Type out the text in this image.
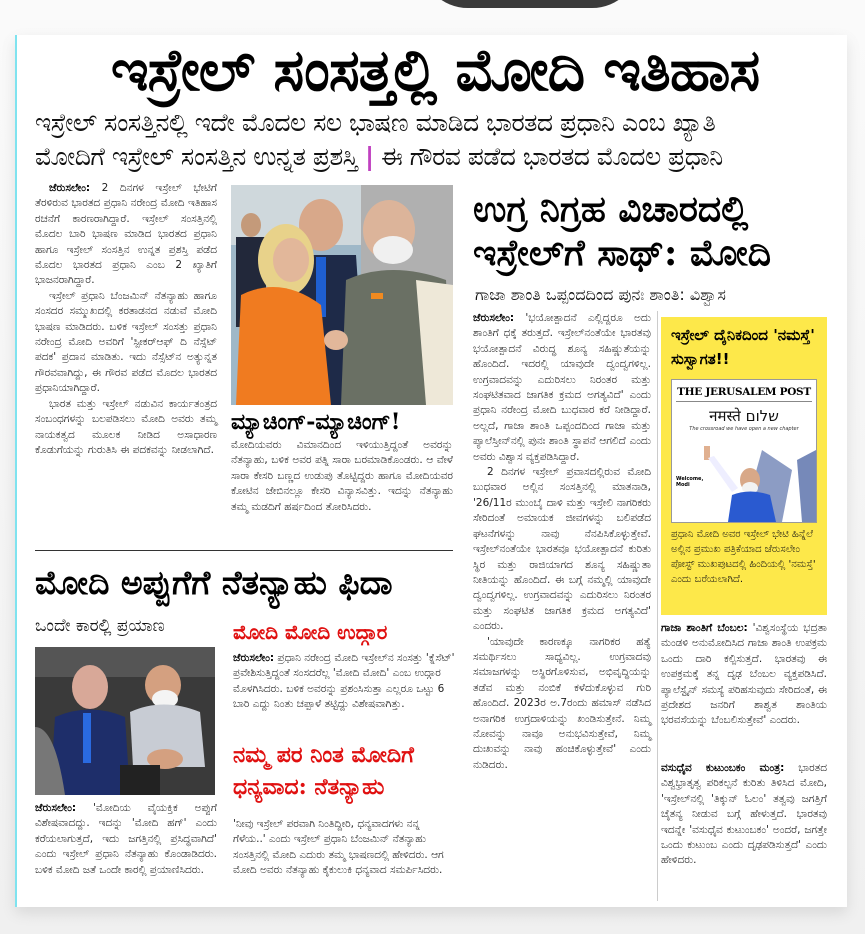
ಇಸ್ರೇಲ್ ಸಂಸತ್ತಲ್ಲಿ ಮೋದಿ ಇತಿಹಾಸ
ಇಸ್ರೇಲ್ ಸಂಸತ್ತಿನಲ್ಲಿ ಇದೇ ಮೊದಲ ಸಲ ಭಾಷಣ ಮಾಡಿದ ಭಾರತದ ಪ್ರಧಾನಿ ಎಂಬ ಖ್ಯಾತಿ
ಮೋದಿಗೆ ಇಸ್ರೇಲ್ ಸಂಸತ್ತಿನ ಉನ್ನತ ಪ್ರಶಸ್ತಿ | ಈ ಗೌರವ ಪಡೆದ ಭಾರತದ ಮೊದಲ ಪ್ರಧಾನಿ
ಜೆರುಸಲೇಂ: 2 ದಿನಗಳ ಇಸ್ರೇಲ್ ಭೇಟಿಗೆ ತೆರಳಿರುವ ಭಾರತದ ಪ್ರಧಾನಿ ನರೇಂದ್ರ ಮೋದಿ ಇತಿಹಾಸ ರಚನೆಗೆ ಕಾರಣರಾಗಿದ್ದಾರೆ. ಇಸ್ರೇಲ್ ಸಂಸತ್ತಿನಲ್ಲಿ ಮೊದಲ ಬಾರಿ ಭಾಷಣ ಮಾಡಿದ ಭಾರತದ ಪ್ರಧಾನಿ ಹಾಗೂ ಇಸ್ರೇಲ್ ಸಂಸತ್ತಿನ ಉನ್ನತ ಪ್ರಶಸ್ತಿ ಪಡೆದ ಮೊದಲ ಭಾರತದ ಪ್ರಧಾನಿ ಎಂಬ 2 ಖ್ಯಾತಿಗೆ ಭಾಜನರಾಗಿದ್ದಾರೆ.
ಇಸ್ರೇಲ್ ಪ್ರಧಾನಿ ಬೆಂಜಮಿನ್ ನೆತನ್ಯಾಹು ಹಾಗೂ ಸಂಸದರ ಸಮ್ಮುಖದಲ್ಲಿ ಕರತಾಡನದ ನಡುವೆ ಮೋದಿ ಭಾಷಣ ಮಾಡಿದರು. ಬಳಿಕ ಇಸ್ರೇಲ್ ಸಂಸತ್ತು ಪ್ರಧಾನಿ ನರೇಂದ್ರ ಮೋದಿ ಅವರಿಗೆ 'ಸ್ಪೀಕರ್‌ಆಫ್ ದಿ ನೆಸ್ಸೆಟ್ ಪದಕ' ಪ್ರದಾನ ಮಾಡಿತು. ಇದು ನೆಸ್ಸೆಟ್‌ನ ಅತ್ಯುನ್ನತ ಗೌರವವಾಗಿದ್ದು, ಈ ಗೌರವ ಪಡೆದ ಮೊದಲ ಭಾರತದ ಪ್ರಧಾನಿಯಾಗಿದ್ದಾರೆ.
ಭಾರತ ಮತ್ತು ಇಸ್ರೇಲ್ ನಡುವಿನ ಕಾರ್ಯತಂತ್ರದ ಸಂಬಂಧಗಳನ್ನು ಬಲಪಡಿಸಲು ಮೋದಿ ಅವರು ತಮ್ಮ ನಾಯಕತ್ವದ ಮೂಲಕ ನೀಡಿದ ಅಸಾಧಾರಣ ಕೊಡುಗೆಯನ್ನು ಗುರುತಿಸಿ ಈ ಪದಕವನ್ನು ನೀಡಲಾಗಿದೆ.
ಮ್ಯಾಚಿಂಗ್-ಮ್ಯಾಚಿಂಗ್!
ಮೋದಿಯವರು ವಿಮಾನದಿಂದ ಇಳಿಯುತ್ತಿದ್ದಂತೆ ಅವರನ್ನು ನೆತನ್ಯಾಹು, ಬಳಿಕ ಅವರ ಪತ್ನಿ ಸಾರಾ ಬರಮಾಡಿಕೊಂಡರು. ಆ ವೇಳೆ ಸಾರಾ ಕೇಸರಿ ಬಣ್ಣದ ಉಡುಪು ತೊಟ್ಟಿದ್ದರು ಹಾಗೂ ಮೋದಿಯವರ ಕೋಟಿನ ಜೇಬಿನಲ್ಲೂ ಕೇಸರಿ ವಿನ್ಯಾಸವಿತ್ತು. ಇದನ್ನು ನೆತನ್ಯಾಹು ತಮ್ಮ ಮಡದಿಗೆ ಹರ್ಷದಿಂದ ತೋರಿಸಿದರು.
ಉಗ್ರ ನಿಗ್ರಹ ವಿಚಾರದಲ್ಲಿ ಇಸ್ರೇಲ್‌ಗೆ ಸಾಥ್: ಮೋದಿ
ಗಾಜಾ ಶಾಂತಿ ಒಪ್ಪಂದದಿಂದ ಪುನಃ ಶಾಂತಿ: ವಿಶ್ವಾಸ
ಜೆರುಸಲೇಂ: 'ಭಯೋತ್ಪಾದನೆ ಎಲ್ಲಿದ್ದರೂ ಅದು ಶಾಂತಿಗೆ ಧಕ್ಕೆ ತರುತ್ತದೆ. ಇಸ್ರೇಲ್‌ನಂತೆಯೇ ಭಾರತವು ಭಯೋತ್ಪಾದನೆ ವಿರುದ್ಧ ಶೂನ್ಯ ಸಹಿಷ್ಣುತೆಯನ್ನು ಹೊಂದಿದೆ. ಇದರಲ್ಲಿ ಯಾವುದೇ ದ್ವಂದ್ವಗಳಿಲ್ಲ. ಉಗ್ರವಾದವನ್ನು ಎದುರಿಸಲು ನಿರಂತರ ಮತ್ತು ಸಂಘಟಿತವಾದ ಜಾಗತಿಕ ಕ್ರಮದ ಅಗತ್ಯವಿದೆ' ಎಂದು ಪ್ರಧಾನಿ ನರೇಂದ್ರ ಮೋದಿ ಬುಧವಾರ ಕರೆ ನೀಡಿದ್ದಾರೆ. ಅಲ್ಲದೆ, ಗಾಜಾ ಶಾಂತಿ ಒಪ್ಪಂದದಿಂದ ಗಾಜಾ ಮತ್ತು ಪ್ಯಾಲೆಸ್ತೀನ್‌ನಲ್ಲಿ ಪುನಃ ಶಾಂತಿ ಸ್ಥಾಪನೆ ಆಗಲಿದೆ ಎಂದು ಅವರು ವಿಶ್ವಾಸ ವ್ಯಕ್ತಪಡಿಸಿದ್ದಾರೆ.
2 ದಿನಗಳ ಇಸ್ರೇಲ್ ಪ್ರವಾಸದಲ್ಲಿರುವ ಮೋದಿ ಬುಧವಾರ ಅಲ್ಲಿನ ಸಂಸತ್ತಿನಲ್ಲಿ ಮಾತನಾಡಿ, '26/11ರ ಮುಂಬೈ ದಾಳಿ ಮತ್ತು ಇಸ್ರೇಲಿ ನಾಗರಿಕರು ಸೇರಿದಂತೆ ಅಮಾಯಕ ಜೀವಗಳನ್ನು ಬಲಿಪಡೆದ ಘಟನೆಗಳನ್ನು ನಾವು ನೆನಪಿಸಿಕೊಳ್ಳುತ್ತೇವೆ. ಇಸ್ರೇಲ್‌ನಂತೆಯೇ ಭಾರತವೂ ಭಯೋತ್ಪಾದನೆ ಕುರಿತು ಸ್ಥಿರ ಮತ್ತು ರಾಜಿಯಾಗದ ಶೂನ್ಯ ಸಹಿಷ್ಣುತಾ ನೀತಿಯನ್ನು ಹೊಂದಿದೆ. ಈ ಬಗ್ಗೆ ನಮ್ಮಲ್ಲಿ ಯಾವುದೇ ದ್ವಂದ್ವಗಳಿಲ್ಲ. ಉಗ್ರವಾದವನ್ನು ಎದುರಿಸಲು ನಿರಂತರ ಮತ್ತು ಸಂಘಟಿತ ಜಾಗತಿಕ ಕ್ರಮದ ಅಗತ್ಯವಿದೆ' ಎಂದರು.
'ಯಾವುದೇ ಕಾರಣಕ್ಕೂ ನಾಗರಿಕರ ಹತ್ಯೆ ಸಮರ್ಥಿಸಲು ಸಾಧ್ಯವಿಲ್ಲ. ಉಗ್ರವಾದವು ಸಮಾಜಗಳನ್ನು ಅಸ್ಥಿರಗೊಳಿಸುವ, ಅಭಿವೃದ್ಧಿಯನ್ನು ತಡೆವ ಮತ್ತು ನಂಬಿಕೆ ಕಳೆದುಕೊಳ್ಳುವ ಗುರಿ ಹೊಂದಿದೆ. 2023ರ ಅ.7ರಂದು ಹಮಾಸ್ ನಡೆಸಿದ ಅನಾಗರಿಕ ಉಗ್ರದಾಳಿಯನ್ನು ಖಂಡಿಸುತ್ತೇನೆ. ನಿಮ್ಮ ನೋವನ್ನು ನಾವೂ ಅನುಭವಿಸುತ್ತೇವೆ, ನಿಮ್ಮ ದುಃಖವನ್ನು ನಾವು ಹಂಚಿಕೊಳ್ಳುತ್ತೇವೆ' ಎಂದು ನುಡಿದರು.
ಇಸ್ರೇಲ್ ದೈನಿಕದಿಂದ 'ನಮಸ್ತೆ' ಸುಸ್ವಾಗತ!!
THE JERUSALEM POST
नमस्ते שלום
The crossroad we have open a new chapter
Welcome, Modi
ಪ್ರಧಾನಿ ಮೋದಿ ಅವರ ಇಸ್ರೇಲ್ ಭೇಟಿ ಹಿನ್ನೆಲೆ ಅಲ್ಲಿನ ಪ್ರಮುಖ ಪತ್ರಿಕೆಯಾದ ಜೆರುಸಲೇಂ ಪೋಸ್ಟ್ ಮುಖಪುಟದಲ್ಲಿ ಹಿಂದಿಯಲ್ಲಿ 'ನಮಸ್ತೆ' ಎಂದು ಬರೆಯಲಾಗಿದೆ.
ಗಾಜಾ ಶಾಂತಿಗೆ ಬೆಂಬಲ: 'ವಿಶ್ವಸಂಸ್ಥೆಯ ಭದ್ರತಾ ಮಂಡಳಿ ಅನುಮೋದಿಸಿದ ಗಾಜಾ ಶಾಂತಿ ಉಪಕ್ರಮ ಒಂದು ದಾರಿ ಕಲ್ಪಿಸುತ್ತದೆ. ಭಾರತವು ಈ ಉಪಕ್ರಮಕ್ಕೆ ತನ್ನ ದೃಢ ಬೆಂಬಲ ವ್ಯಕ್ತಪಡಿಸಿದೆ. ಪ್ಯಾಲೆಸ್ಟೈನ್ ಸಮಸ್ಯೆ ಪರಿಹಸುವುದು ಸೇರಿದಂತೆ, ಈ ಪ್ರದೇಶದ ಜನರಿಗೆ ಶಾಶ್ವತ ಶಾಂತಿಯ ಭರವಸೆಯನ್ನು ಬೆಂಬಲಿಸುತ್ತೇವೆ' ಎಂದರು.
ವಸುಧೈವ ಕುಟುಂಬಕಂ ಮಂತ್ರ: ಭಾರತದ ವಿಶ್ವಭ್ರಾತೃತ್ವ ಪರಿಕಲ್ಪನೆ ಕುರಿತು ತಿಳಿಸಿದ ಮೋದಿ, 'ಇಸ್ರೇಲ್‌ನಲ್ಲಿ 'ತಿಕ್ಕುನ್ ಓಲಂ' ತತ್ವವು ಜಗತ್ತಿಗೆ ಚೈತನ್ಯ ನೀಡುವ ಬಗ್ಗೆ ಹೇಳುತ್ತದೆ. ಭಾರತವು ಇದನ್ನೇ 'ವಸುಧೈವ ಕುಟುಂಬಕಂ' ಅಂದರೆ, ಜಗತ್ತೇ ಒಂದು ಕುಟುಂಬ ಎಂದು ದೃಢಪಡಿಸುತ್ತದೆ' ಎಂದು ಹೇಳಿದರು.
ಮೋದಿ ಅಪ್ಪುಗೆಗೆ ನೆತನ್ಯಾಹು ಫಿದಾ
ಒಂದೇ ಕಾರಲ್ಲಿ ಪ್ರಯಾಣ
ಜೆರುಸಲೇಂ: 'ಮೋದಿಯ ವೈಯಕ್ತಿಕ ಅಪ್ಪುಗೆ ವಿಶೇಷವಾದದ್ದು. ಇದನ್ನು 'ಮೋದಿ ಹಗ್' ಎಂದು ಕರೆಯಲಾಗುತ್ತದೆ, ಇದು ಜಗತ್ತಿನಲ್ಲಿ ಪ್ರಸಿದ್ಧವಾಗಿದೆ' ಎಂದು ಇಸ್ರೇಲ್ ಪ್ರಧಾನಿ ನೆತನ್ಯಾಹು ಕೊಂಡಾಡಿದರು. ಬಳಿಕ ಮೋದಿ ಜತೆ ಒಂದೇ ಕಾರಲ್ಲಿ ಪ್ರಯಾಣಿಸಿದರು.
ಮೋದಿ ಮೋದಿ ಉದ್ಗಾರ
ಜೆರುಸಲೇಂ: ಪ್ರಧಾನಿ ನರೇಂದ್ರ ಮೋದಿ ಇಸ್ರೇಲ್‌ನ ಸಂಸತ್ತು 'ಕ್ನೆಸೆಟ್' ಪ್ರವೇಶಿಸುತ್ತಿದ್ದಂತೆ ಸಂಸದರೆಲ್ಲ 'ಮೋದಿ ಮೋದಿ' ಎಂಬ ಉದ್ಗಾರ ಮೊಳಗಿಸಿದರು. ಬಳಿಕ ಅವರನ್ನು ಪ್ರಶಂಸಿಸುತ್ತಾ ಎಲ್ಲರೂ ಒಟ್ಟು 6 ಬಾರಿ ಎದ್ದು ನಿಂತು ಚಪ್ಪಾಳೆ ತಟ್ಟಿದ್ದು ವಿಶೇಷವಾಗಿತ್ತು.
ನಮ್ಮ ಪರ ನಿಂತ ಮೋದಿಗೆ ಧನ್ಯವಾದ: ನೆತನ್ಯಾಹು
'ನೀವು ಇಸ್ರೇಲ್ ಪರವಾಗಿ ನಿಂತಿದ್ದೀರಿ, ಧನ್ಯವಾದಗಳು ನನ್ನ ಗೆಳೆಯ..' ಎಂದು ಇಸ್ರೇಲ್ ಪ್ರಧಾನಿ ಬೆಂಜಮಿನ್ ನೆತನ್ಯಾಹು ಸಂಸತ್ತಿನಲ್ಲಿ ಮೋದಿ ಎದುರು ತಮ್ಮ ಭಾಷಣದಲ್ಲಿ ಹೇಳಿದರು. ಆಗ ಮೋದಿ ಅವರು ನೆತನ್ಯಾಹು ಕೈಕುಲುಕಿ ಧನ್ಯವಾದ ಸಮರ್ಪಿಸಿದರು.
